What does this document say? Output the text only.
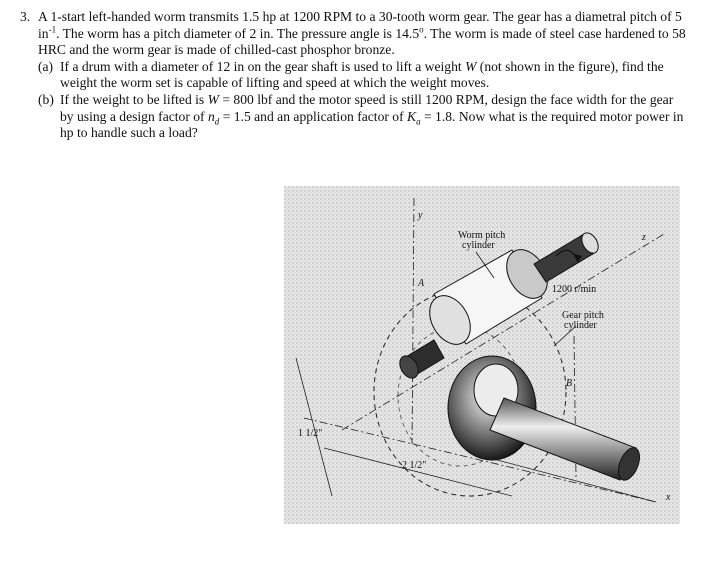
3. A 1-start left-handed worm transmits 1.5 hp at 1200 RPM to a 30-tooth worm gear. The gear has a diametral pitch of 5 $in^{-1}$. The worm has a pitch diameter of 2 in. The pressure angle is 14.5$^o$. The worm is made of steel case hardened to 58 HRC and the worm gear is made of chilled-cast phosphor bronze.
(a) If a drum with a diameter of 12 in on the gear shaft is used to lift a weight W (not shown in the figure), find the weight the worm set is capable of lifting and speed at which the weight moves.
(b) If the weight to be lifted is W = 800 lbf and the motor speed is still 1200 RPM, design the face width for the gear by using a design factor of $n_d = 1.5$ and an application factor of $K_a = 1.8$. Now what is the required motor power in hp to handle such a load?
Worm pitch
cylinder
1200 r/min
Gear pitch
cylinder
y
A
B
x
z
1 1/2"
2 1/2"
